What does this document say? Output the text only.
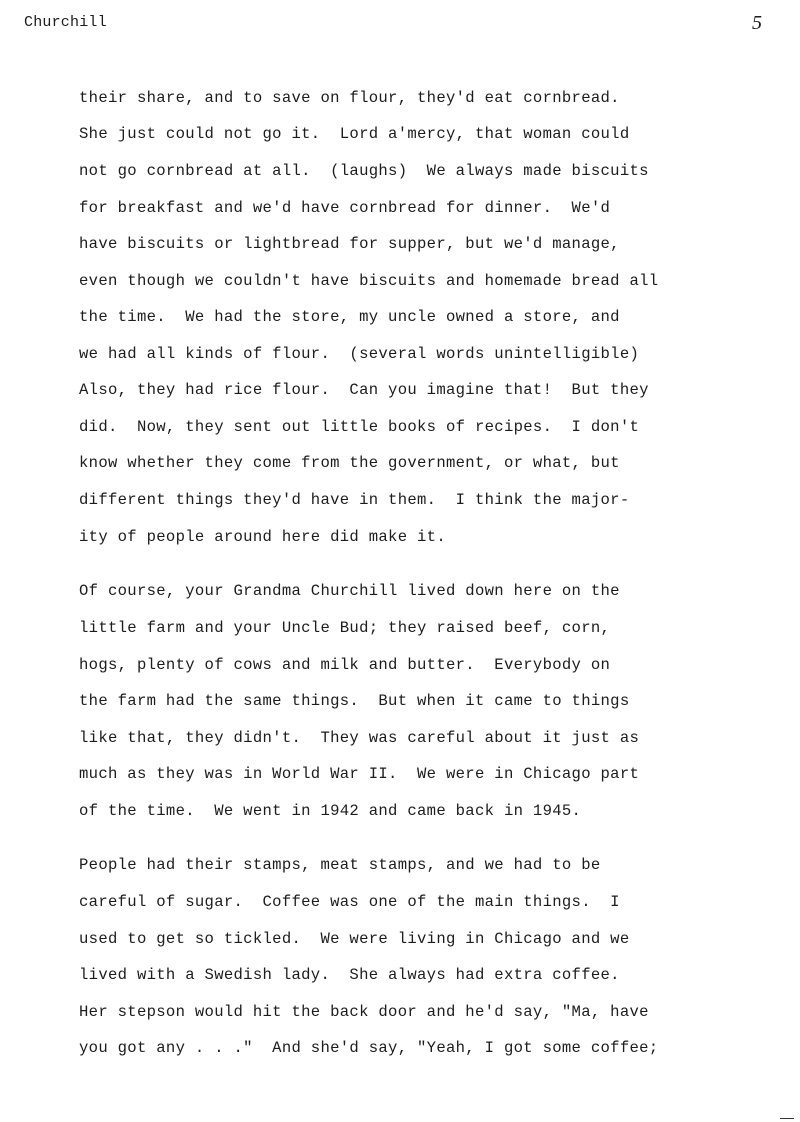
Churchill	5
their share, and to save on flour, they'd eat cornbread.
She just could not go it.  Lord a'mercy, that woman could
not go cornbread at all.  (laughs)  We always made biscuits
for breakfast and we'd have cornbread for dinner.  We'd
have biscuits or lightbread for supper, but we'd manage,
even though we couldn't have biscuits and homemade bread all
the time.  We had the store, my uncle owned a store, and
we had all kinds of flour.  (several words unintelligible)
Also, they had rice flour.  Can you imagine that!  But they
did.  Now, they sent out little books of recipes.  I don't
know whether they come from the government, or what, but
different things they'd have in them.  I think the major-
ity of people around here did make it.
Of course, your Grandma Churchill lived down here on the
little farm and your Uncle Bud; they raised beef, corn,
hogs, plenty of cows and milk and butter.  Everybody on
the farm had the same things.  But when it came to things
like that, they didn't.  They was careful about it just as
much as they was in World War II.  We were in Chicago part
of the time.  We went in 1942 and came back in 1945.
People had their stamps, meat stamps, and we had to be
careful of sugar.  Coffee was one of the main things.  I
used to get so tickled.  We were living in Chicago and we
lived with a Swedish lady.  She always had extra coffee.
Her stepson would hit the back door and he'd say, "Ma, have
you got any . . ."  And she'd say, "Yeah, I got some coffee;
